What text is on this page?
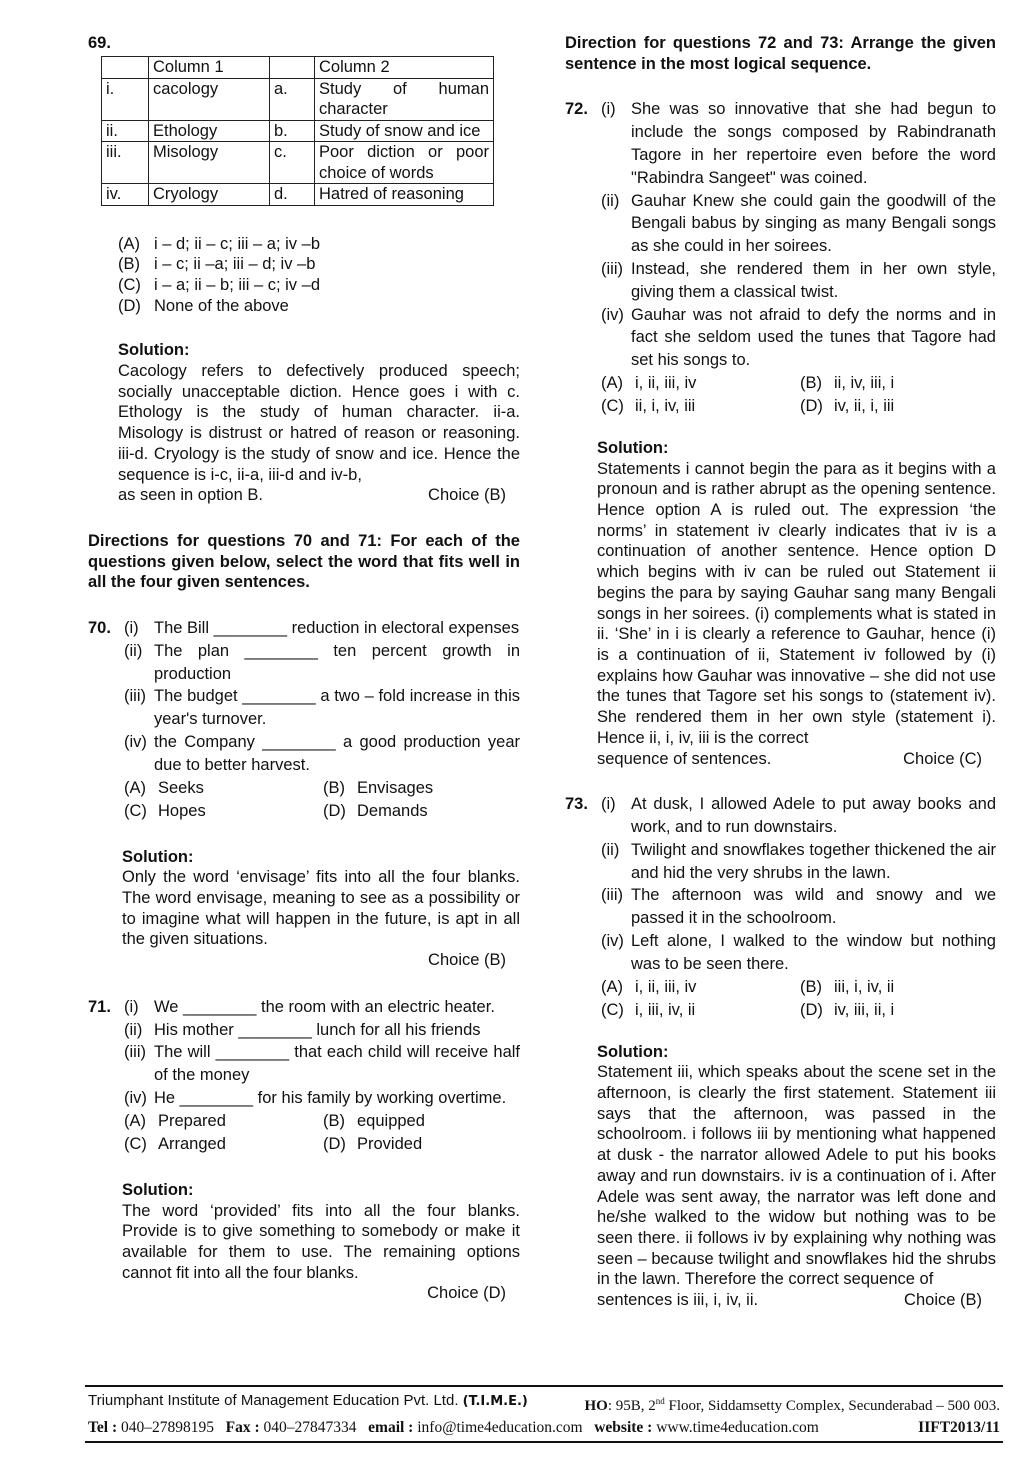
69.

	Column 1		Column 2
i.	cacology	a.	Study of human character
ii.	Ethology	b.	Study of snow and ice
iii.	Misology	c.	Poor diction or poor choice of words
iv.	Cryology	d.	Hatred of reasoning
(A) i – d; ii – c; iii – a; iv –b
(B) i – c; ii –a; iii – d; iv –b
(C) i – a; ii – b; iii – c; iv –d
(D) None of the above

Solution:

Cacology refers to defectively produced speech; socially unacceptable diction. Hence goes i with c. Ethology is the study of human character. ii-a. Misology is distrust or hatred of reason or reasoning. iii-d. Cryology is the study of snow and ice. Hence the sequence is i-c, ii-a, iii-d and iv-b,

as seen in option B.	Choice (B)

Directions for questions 70 and 71: For each of the questions given below, select the word that fits well in all the four given sentences.

70. (i) The Bill ________ reduction in electoral expenses
(ii) The plan ________ ten percent growth in production
(iii) The budget ________ a two – fold increase in this year's turnover.
(iv) the Company ________ a good production year due to better harvest.
(A) Seeks	(B) Envisages
(C) Hopes	(D) Demands

Solution:

Only the word ‘envisage’ fits into all the four blanks. The word envisage, meaning to see as a possibility or to imagine what will happen in the future, is apt in all the given situations.

Choice (B)

71. (i) We ________ the room with an electric heater.
(ii) His mother ________ lunch for all his friends
(iii) The will ________ that each child will receive half of the money
(iv) He ________ for his family by working overtime.
(A) Prepared	(B) equipped
(C) Arranged	(D) Provided

Solution:

The word ‘provided’ fits into all the four blanks. Provide is to give something to somebody or make it available for them to use. The remaining options cannot fit into all the four blanks.

Choice (D)

Direction for questions 72 and 73: Arrange the given sentence in the most logical sequence.

72. (i) She was so innovative that she had begun to include the songs composed by Rabindranath Tagore in her repertoire even before the word "Rabindra Sangeet" was coined.
(ii) Gauhar Knew she could gain the goodwill of the Bengali babus by singing as many Bengali songs as she could in her soirees.
(iii) Instead, she rendered them in her own style, giving them a classical twist.
(iv) Gauhar was not afraid to defy the norms and in fact she seldom used the tunes that Tagore had set his songs to.
(A) i, ii, iii, iv	(B) ii, iv, iii, i
(C) ii, i, iv, iii	(D) iv, ii, i, iii

Solution:

Statements i cannot begin the para as it begins with a pronoun and is rather abrupt as the opening sentence. Hence option A is ruled out. The expression ‘the norms’ in statement iv clearly indicates that iv is a continuation of another sentence. Hence option D which begins with iv can be ruled out Statement ii begins the para by saying Gauhar sang many Bengali songs in her soirees. (i) complements what is stated in ii. ‘She’ in i is clearly a reference to Gauhar, hence (i) is a continuation of ii, Statement iv followed by (i) explains how Gauhar was innovative – she did not use the tunes that Tagore set his songs to (statement iv). She rendered them in her own style (statement i). Hence ii, i, iv, iii is the correct

sequence of sentences.	Choice (C)

73. (i) At dusk, I allowed Adele to put away books and work, and to run downstairs.
(ii) Twilight and snowflakes together thickened the air and hid the very shrubs in the lawn.
(iii) The afternoon was wild and snowy and we passed it in the schoolroom.
(iv) Left alone, I walked to the window but nothing was to be seen there.
(A) i, ii, iii, iv	(B) iii, i, iv, ii
(C) i, iii, iv, ii	(D) iv, iii, ii, i

Solution:

Statement iii, which speaks about the scene set in the afternoon, is clearly the first statement. Statement iii says that the afternoon, was passed in the schoolroom. i follows iii by mentioning what happened at dusk - the narrator allowed Adele to put his books away and run downstairs. iv is a continuation of i. After Adele was sent away, the narrator was left done and he/she walked to the widow but nothing was to be seen there. ii follows iv by explaining why nothing was seen – because twilight and snowflakes hid the shrubs in the lawn. Therefore the correct sequence of

sentences is iii, i, iv, ii.	Choice (B)

Triumphant Institute of Management Education Pvt. Ltd. (T.I.M.E.)	HO: 95B, 2nd Floor, Siddamsetty Complex, Secunderabad – 500 003.
Tel : 040–27898195 Fax : 040–27847334 email : info@time4education.com website : www.time4education.com	IIFT2013/11
